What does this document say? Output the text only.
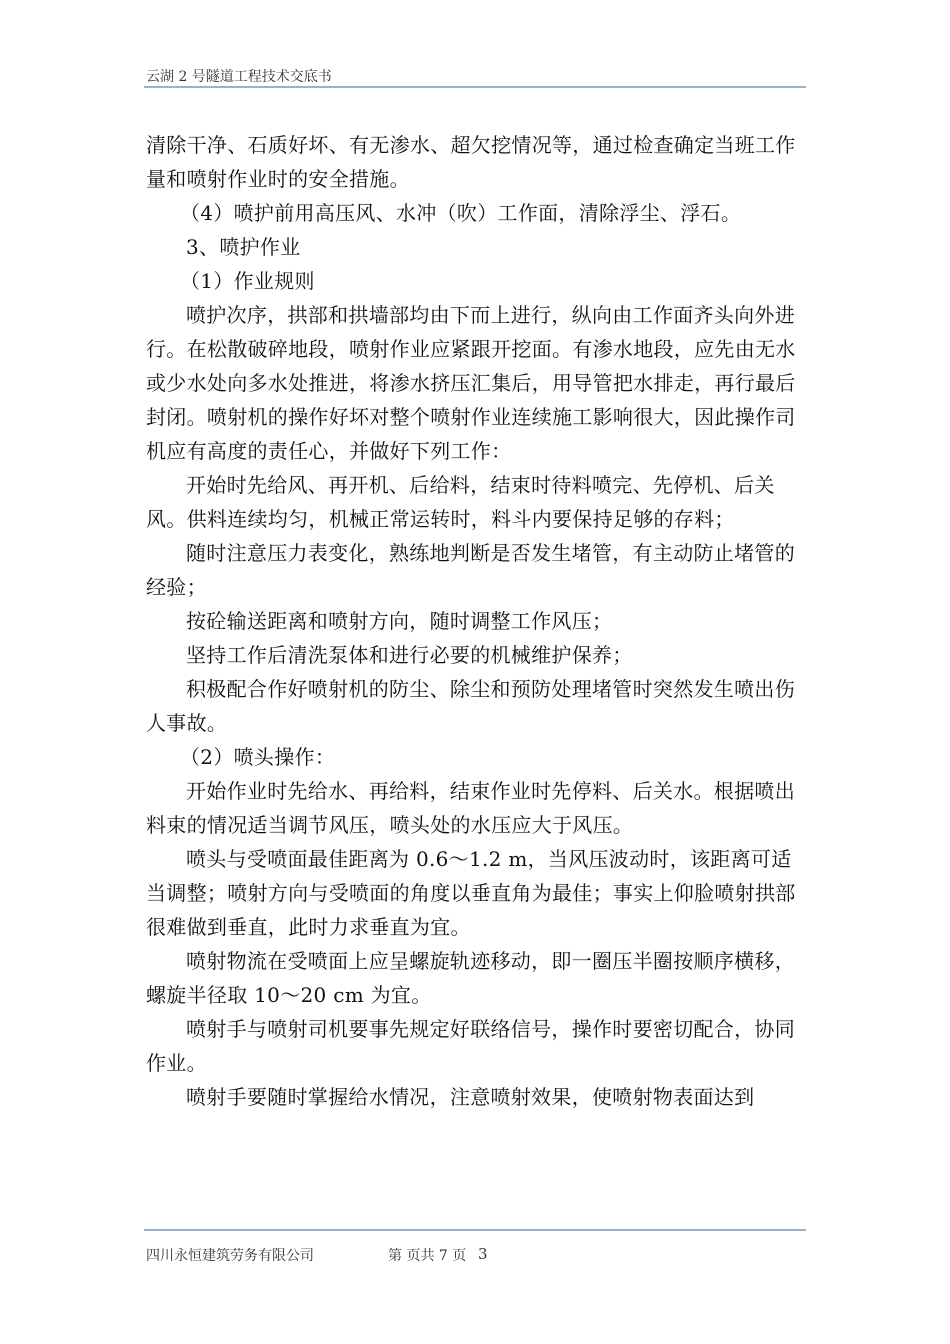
云湖 2 号隧道工程技术交底书

清除干净、石质好坏、有无渗水、超欠挖情况等，通过检查确定当班工作量和喷射作业时的安全措施。

（4）喷护前用高压风、水冲（吹）工作面，清除浮尘、浮石。

3、喷护作业

（1）作业规则

喷护次序，拱部和拱墙部均由下而上进行，纵向由工作面齐头向外进行。在松散破碎地段，喷射作业应紧跟开挖面。有渗水地段，应先由无水或少水处向多水处推进，将渗水挤压汇集后，用导管把水排走，再行最后封闭。喷射机的操作好坏对整个喷射作业连续施工影响很大，因此操作司机应有高度的责任心，并做好下列工作：

开始时先给风、再开机、后给料，结束时待料喷完、先停机、后关风。供料连续均匀，机械正常运转时，料斗内要保持足够的存料；

随时注意压力表变化，熟练地判断是否发生堵管，有主动防止堵管的经验；

按砼输送距离和喷射方向，随时调整工作风压；

坚持工作后清洗泵体和进行必要的机械维护保养；

积极配合作好喷射机的防尘、除尘和预防处理堵管时突然发生喷出伤人事故。

（2）喷头操作：

开始作业时先给水、再给料，结束作业时先停料、后关水。根据喷出料束的情况适当调节风压，喷头处的水压应大于风压。

喷头与受喷面最佳距离为 0.6～1.2 m，当风压波动时，该距离可适当调整；喷射方向与受喷面的角度以垂直角为最佳；事实上仰脸喷射拱部很难做到垂直，此时力求垂直为宜。

喷射物流在受喷面上应呈螺旋轨迹移动，即一圈压半圈按顺序横移，螺旋半径取 10～20 cm 为宜。

喷射手与喷射司机要事先规定好联络信号，操作时要密切配合，协同作业。

喷射手要随时掌握给水情况，注意喷射效果，使喷射物表面达到

四川永恒建筑劳务有限公司	第 页共 7 页 3
